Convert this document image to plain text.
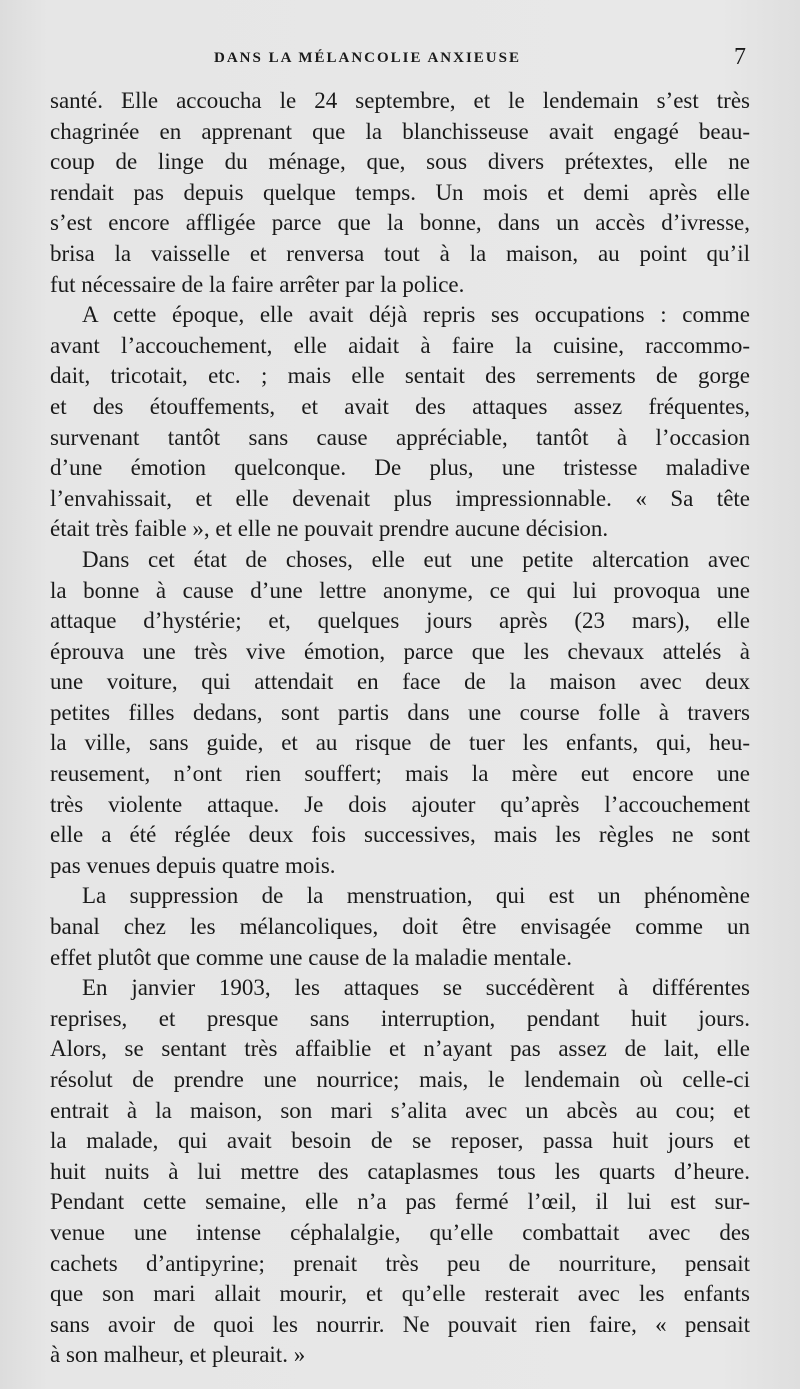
DANS LA MÉLANCOLIE ANXIEUSE	7
santé. Elle accoucha le 24 septembre, et le lendemain s’est très
chagrinée en apprenant que la blanchisseuse avait engagé beau-
coup de linge du ménage, que, sous divers prétextes, elle ne
rendait pas depuis quelque temps. Un mois et demi après elle
s’est encore affligée parce que la bonne, dans un accès d’ivresse,
brisa la vaisselle et renversa tout à la maison, au point qu’il
fut nécessaire de la faire arrêter par la police.
A cette époque, elle avait déjà repris ses occupations : comme
avant l’accouchement, elle aidait à faire la cuisine, raccommo-
dait, tricotait, etc. ; mais elle sentait des serrements de gorge
et des étouffements, et avait des attaques assez fréquentes,
survenant tantôt sans cause appréciable, tantôt à l’occasion
d’une émotion quelconque. De plus, une tristesse maladive
l’envahissait, et elle devenait plus impressionnable. « Sa tête
était très faible », et elle ne pouvait prendre aucune décision.
Dans cet état de choses, elle eut une petite altercation avec
la bonne à cause d’une lettre anonyme, ce qui lui provoqua une
attaque d’hystérie; et, quelques jours après (23 mars), elle
éprouva une très vive émotion, parce que les chevaux attelés à
une voiture, qui attendait en face de la maison avec deux
petites filles dedans, sont partis dans une course folle à travers
la ville, sans guide, et au risque de tuer les enfants, qui, heu-
reusement, n’ont rien souffert; mais la mère eut encore une
très violente attaque. Je dois ajouter qu’après l’accouchement
elle a été réglée deux fois successives, mais les règles ne sont
pas venues depuis quatre mois.
La suppression de la menstruation, qui est un phénomène
banal chez les mélancoliques, doit être envisagée comme un
effet plutôt que comme une cause de la maladie mentale.
En janvier 1903, les attaques se succédèrent à différentes
reprises, et presque sans interruption, pendant huit jours.
Alors, se sentant très affaiblie et n’ayant pas assez de lait, elle
résolut de prendre une nourrice; mais, le lendemain où celle-ci
entrait à la maison, son mari s’alita avec un abcès au cou; et
la malade, qui avait besoin de se reposer, passa huit jours et
huit nuits à lui mettre des cataplasmes tous les quarts d’heure.
Pendant cette semaine, elle n’a pas fermé l’œil, il lui est sur-
venue une intense céphalalgie, qu’elle combattait avec des
cachets d’antipyrine; prenait très peu de nourriture, pensait
que son mari allait mourir, et qu’elle resterait avec les enfants
sans avoir de quoi les nourrir. Ne pouvait rien faire, « pensait
à son malheur, et pleurait. »
